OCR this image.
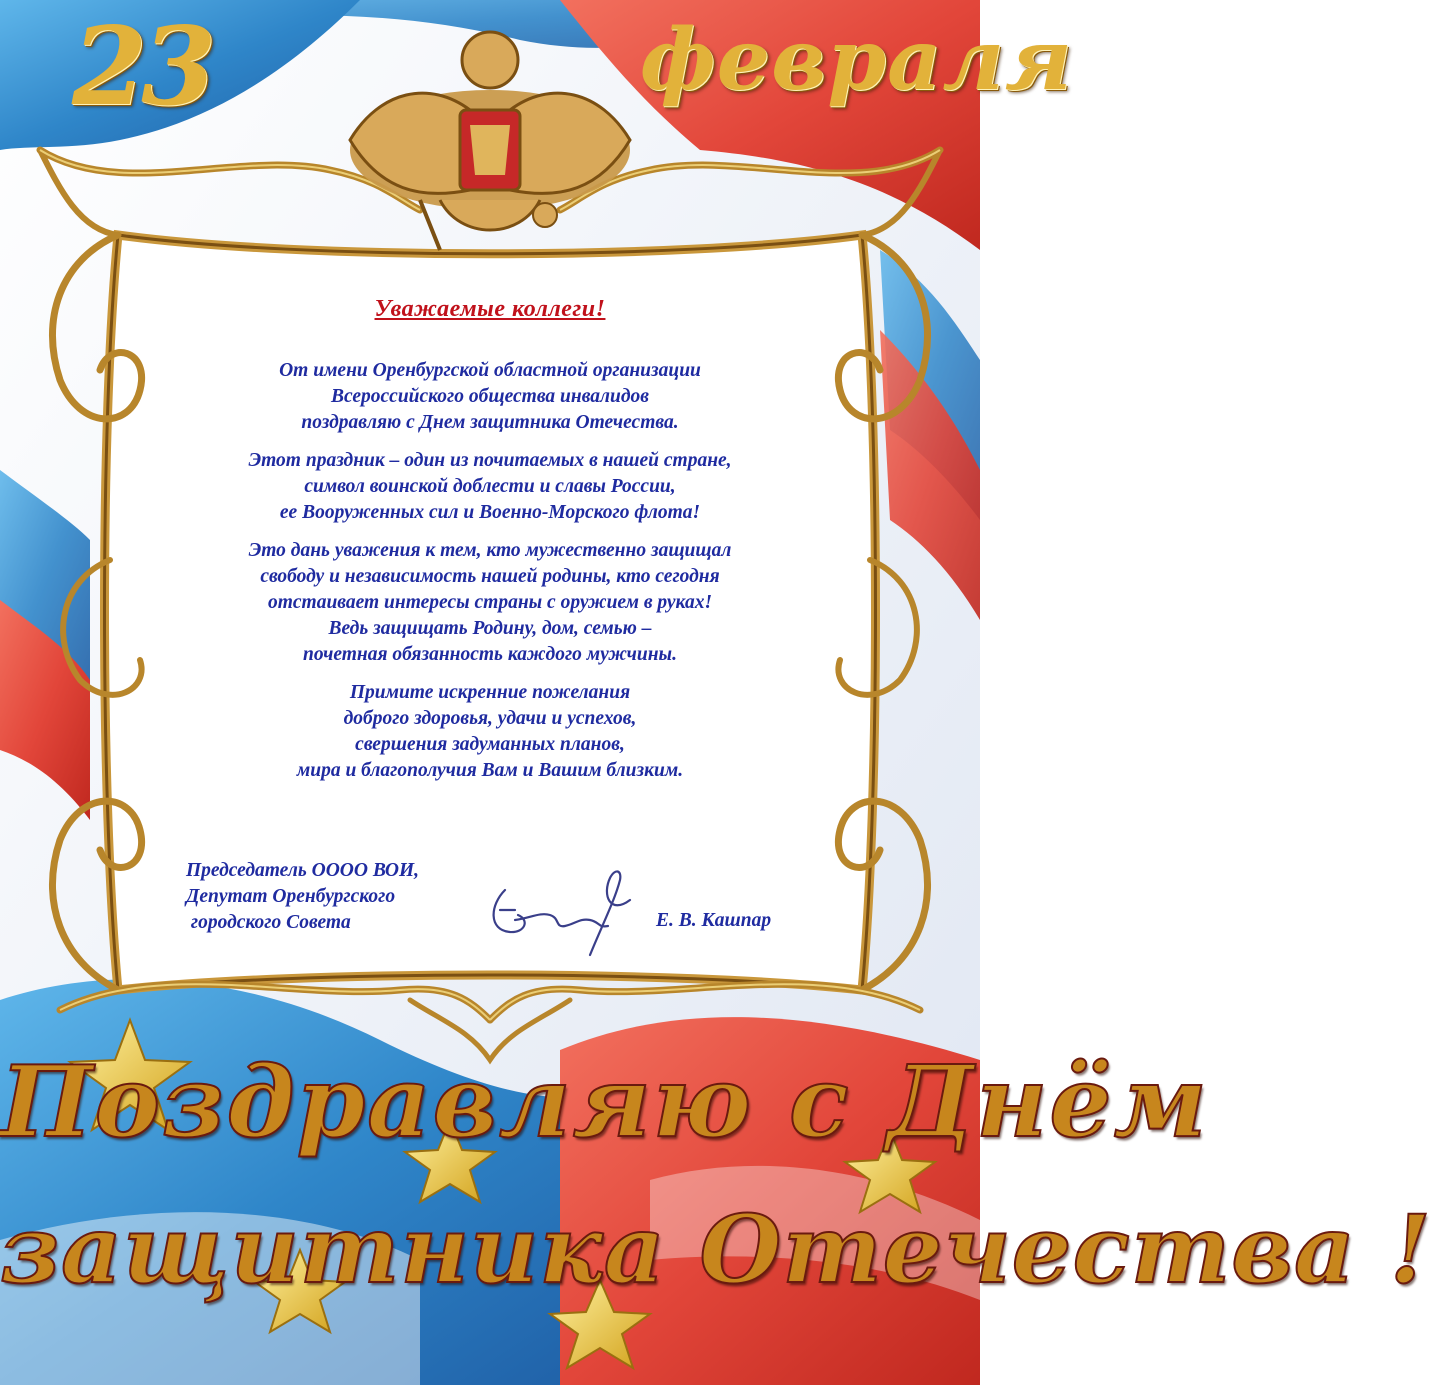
23	февраля
Уважаемые коллеги!

От имени Оренбургской областной организации
Всероссийского общества инвалидов
поздравляю с Днем защитника Отечества.

Этот праздник – один из почитаемых в нашей стране,
символ воинской доблести и славы России,
ее Вооруженных сил и Военно-Морского флота!

Это дань уважения к тем, кто мужественно защищал
свободу и независимость нашей родины, кто сегодня
отстаивает интересы страны с оружием в руках!
Ведь защищать Родину, дом, семью –
почетная обязанность каждого мужчины.

Примите искренние пожелания
доброго здоровья, удачи и успехов,
свершения задуманных планов,
мира и благополучия Вам и Вашим близким.

Председатель ОООО ВОИ,
Депутат Оренбургского
городского Совета	Е. В. Кашпар
Поздравляю с Днём
защитника Отечества !
